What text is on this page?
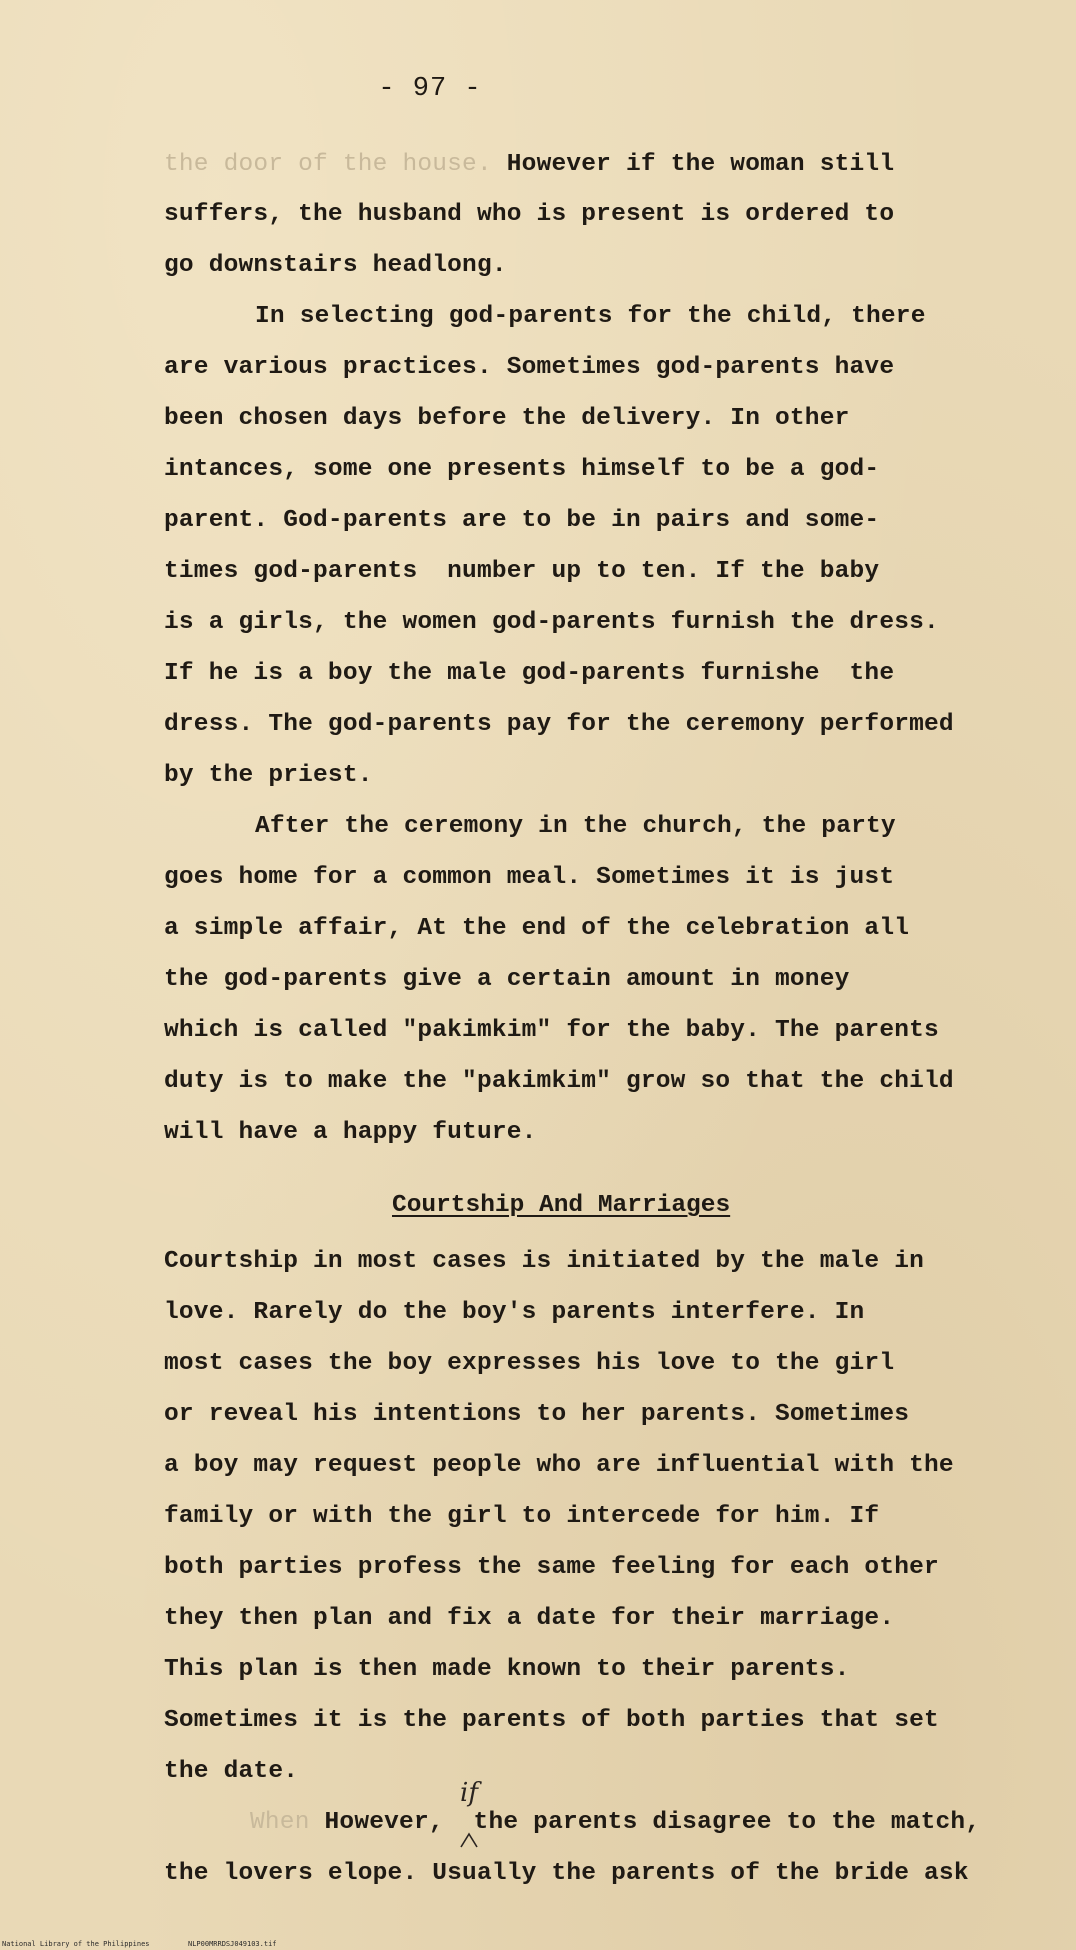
- 97 -
the door of the house. However if the woman still
suffers, the husband who is present is ordered to
go downstairs headlong.
In selecting god-parents for the child, there
are various practices. Sometimes god-parents have
been chosen days before the delivery. In other
intances, some one presents himself to be a god-
parent. God-parents are to be in pairs and some-
times god-parents  number up to ten. If the baby
is a girls, the women god-parents furnish the dress.
If he is a boy the male god-parents furnishe  the
dress. The god-parents pay for the ceremony performed
by the priest.
After the ceremony in the church, the party
goes home for a common meal. Sometimes it is just
a simple affair, At the end of the celebration all
the god-parents give a certain amount in money
which is called "pakimkim" for the baby. The parents
duty is to make the "pakimkim" grow so that the child
will have a happy future.
Courtship And Marriages
Courtship in most cases is initiated by the male in
love. Rarely do the boy's parents interfere. In
most cases the boy expresses his love to the girl
or reveal his intentions to her parents. Sometimes
a boy may request people who are influential with the
family or with the girl to intercede for him. If
both parties profess the same feeling for each other
they then plan and fix a date for their marriage.
This plan is then made known to their parents.
Sometimes it is the parents of both parties that set
the date.
When However,  the parents disagree to the match,
if
the lovers elope. Usually the parents of the bride ask
National Library of the Philippines	NLP00MRRDSJ049103.tif
